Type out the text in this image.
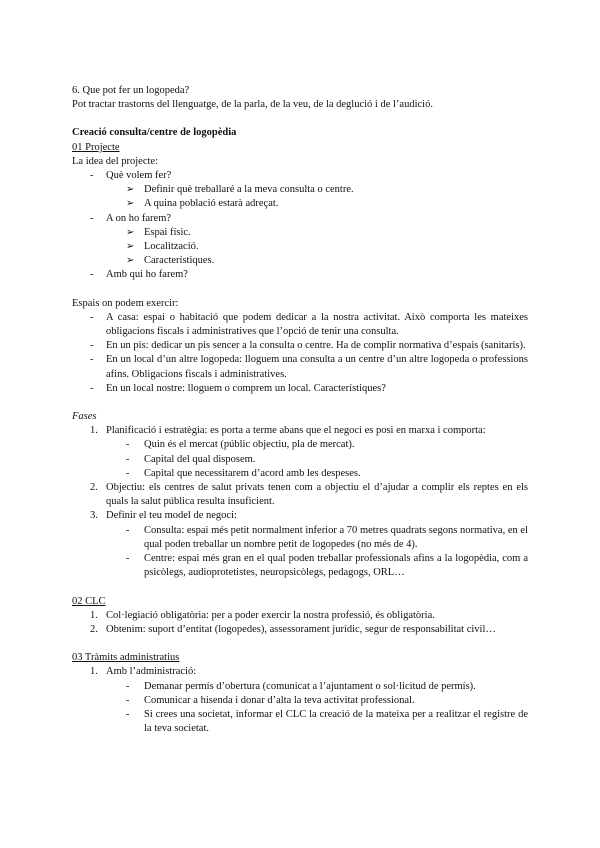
6. Que pot fer un logopeda?

Pot tractar trastorns del llenguatge, de la parla, de la veu, de la deglució i de l’audició.

Creació consulta/centre de logopèdia

01 Projecte

La idea del projecte:

- Què volem fer?
➢ Definir què treballaré a la meva consulta o centre.
➢ A quina població estarà adreçat.
- A on ho farem?
➢ Espai físic.
➢ Localització.
➢ Característiques.
- Amb qui ho farem?

Espais on podem exercir:

- A casa: espai o habitació que podem dedicar a la nostra activitat. Això comporta les mateixes obligacions fiscals i administratives que l’opció de tenir una consulta.
- En un pis: dedicar un pis sencer a la consulta o centre. Ha de complir normativa d’espais (sanitaris).
- En un local d’un altre logopeda: lloguem una consulta a un centre d’un altre logopeda o professions afins. Obligacions fiscals i administratives.
- En un local nostre: lloguem o comprem un local. Característiques?

Fases

1. Planificació i estratègia: es porta a terme abans que el negoci es posi en marxa i comporta:
- Quin és el mercat (públic objectiu, pla de mercat).
- Capital del qual disposem.
- Capital que necessitarem d’acord amb les despeses.
2. Objectiu: els centres de salut privats tenen com a objectiu el d’ajudar a complir els reptes en els quals la salut pública resulta insuficient.
3. Definir el teu model de negoci:
- Consulta: espai més petit normalment inferior a 70 metres quadrats segons normativa, en el qual poden treballar un nombre petit de logopedes (no més de 4).
- Centre: espai més gran en el qual poden treballar professionals afins a la logopèdia, com a psicòlegs, audioprotetistes, neuropsicòlegs, pedagogs, ORL…

02 CLC

1. Col·legiació obligatòria: per a poder exercir la nostra professió, és obligatòria.
2. Obtenim: suport d’entitat (logopedes), assessorament jurídic, segur de responsabilitat civil…

03 Tràmits administratius

1. Amb l’administració:
- Demanar permís d’obertura (comunicat a l’ajuntament o sol·licitud de permís).
- Comunicar a hisenda i donar d’alta la teva activitat professional.
- Si crees una societat, informar el CLC la creació de la mateixa per a realitzar el registre de la teva societat.
